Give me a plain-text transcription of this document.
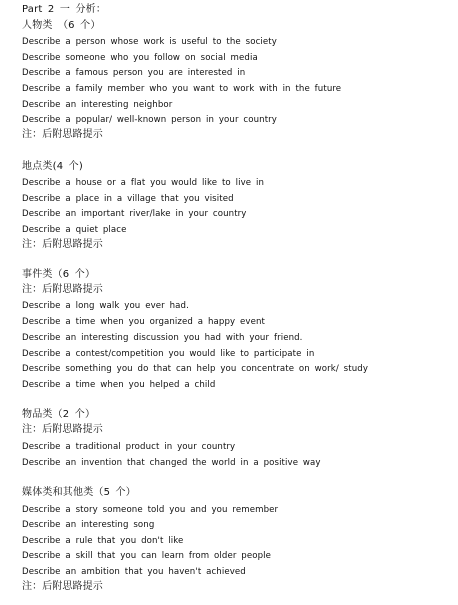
Part 2 一 分析：
人物类 （6 个）
Describe a person whose work is useful to the society
Describe someone who you follow on social media
Describe a famous person you are interested in
Describe a family member who you want to work with in the future
Describe an interesting neighbor
Describe a popular/ well-known person in your country
注：后附思路提示
地点类(4 个)
Describe a house or a flat you would like to live in
Describe a place in a village that you visited
Describe an important river/lake in your country
Describe a quiet place
注：后附思路提示
事件类（6 个）
注：后附思路提示
Describe a long walk you ever had.
Describe a time when you organized a happy event
Describe an interesting discussion you had with your friend.
Describe a contest/competition you would like to participate in
Describe something you do that can help you concentrate on work/ study
Describe a time when you helped a child
物品类（2 个）
注：后附思路提示
Describe a traditional product in your country
Describe an invention that changed the world in a positive way
媒体类和其他类（5 个）
Describe a story someone told you and you remember
Describe an interesting song
Describe a rule that you don't like
Describe a skill that you can learn from older people
Describe an ambition that you haven't achieved
注：后附思路提示
